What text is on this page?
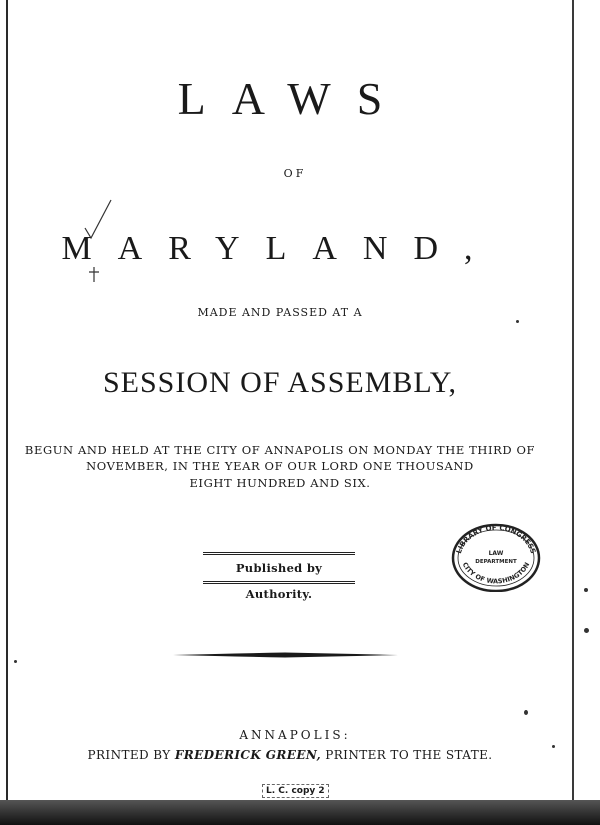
LAWS
OF
MARYLAND,
MADE AND PASSED AT A
SESSION OF ASSEMBLY,
BEGUN AND HELD AT THE CITY OF ANNAPOLIS ON MONDAY THE THIRD OF
NOVEMBER, IN THE YEAR OF OUR LORD ONE THOUSAND
EIGHT HUNDRED AND SIX.
Published by Authority.
LIBRARY OF CONGRESS
LAW
DEPARTMENT
CITY OF WASHINGTON
ANNAPOLIS:
PRINTED BY FREDERICK GREEN, PRINTER TO THE STATE.
L. C. copy 2
